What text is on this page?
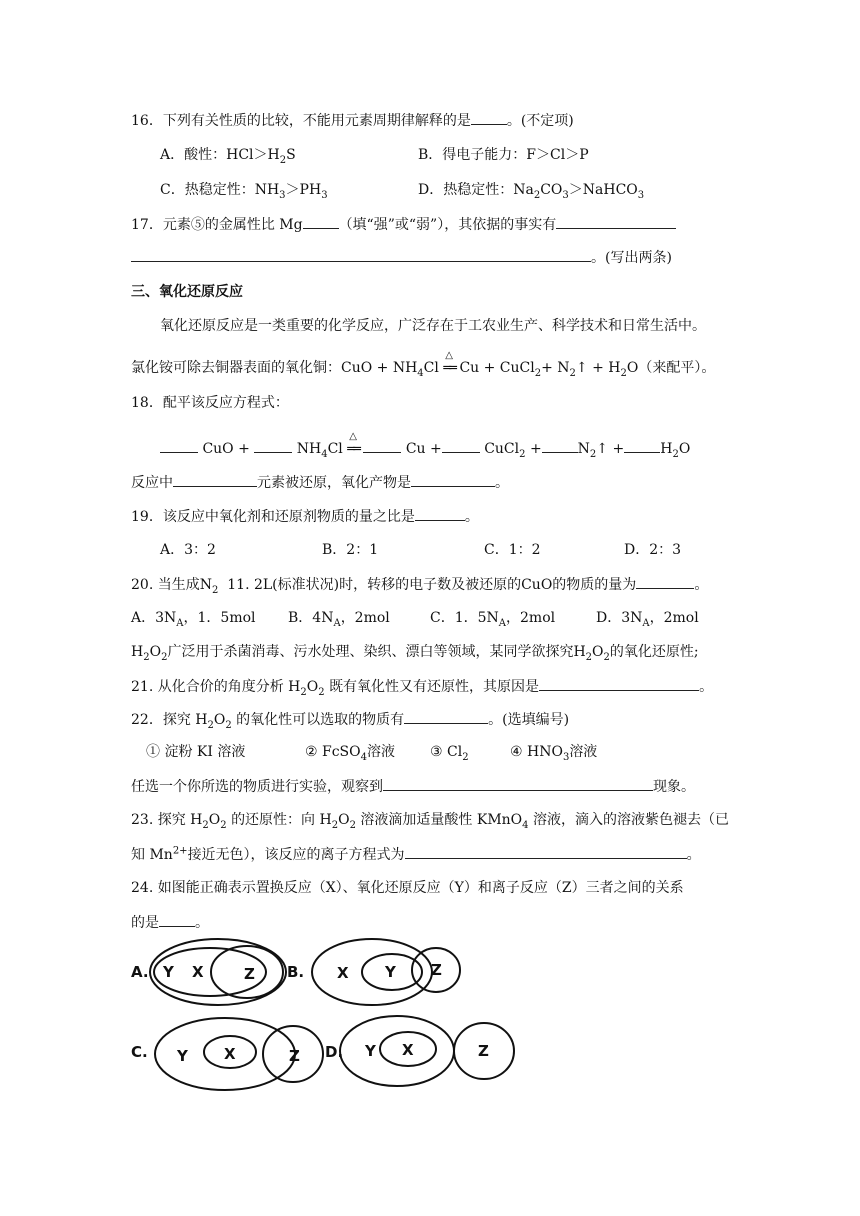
16．下列有关性质的比较，不能用元素周期律解释的是	。(不定项)
A．酸性：$HCl>H_2S$	B．得电子能力：F＞Cl＞P
C．热稳定性：$NH_3>PH_3$	D．热稳定性：$Na_2CO_3>NaHCO_3$
17．元素⑤的金属性比 Mg	（填“强”或“弱”），其依据的事实有
。(写出两条)
三、氧化还原反应
氧化还原反应是一类重要的化学反应，广泛存在于工农业生产、科学技术和日常生活中。
氯化铵可除去铜器表面的氧化铜：CuO + $NH_4Cl$
△
══ Cu + CuCl$_2$+ $N_2↑ + H_2O$（来配平）。
18．配平该反应方程式：
CuO +	$NH_4Cl$
△
══	Cu +	CuCl$_2$ +	$N_2↑$ +	$H_2O$
反应中	元素被还原，氧化产物是	。
19．该反应中氧化剂和还原剂物质的量之比是	。
A．3：2	B．2：1	C．1：2	D．2：3
20. 当生成$N_2$ 11. 2L(标准状况)时，转移的电子数及被还原的CuO的物质的量为	。
A．$3N_A$，1．5mol B．$4N_A$，2mol	C．1．$5N_A$，2mol	D．$3N_A$，2mol
$H_2O_2$广泛用于杀菌消毒、污水处理、染织、漂白等领域，某同学欲探究$H_2O_2$的氧化还原性;
21. 从化合价的角度分析 $H_2O_2$ 既有氧化性又有还原性，其原因是	。
22．探究 $H_2O_2$ 的氧化性可以选取的物质有	。(选填编号)
① 淀粉 KI 溶液	② FcSO$_4$溶液	③ $Cl_2$	④ $HNO_3$溶液
任选一个你所选的物质进行实验，观察到	现象。
23. 探究 $H_2O_2$ 的还原性：向 $H_2O_2$ 溶液滴加适量酸性 KMnO$_4$ 溶液，滴入的溶液紫色褪去（已
知 $Mn^{2+}$接近无色），该反应的离子方程式为	。
24. 如图能正确表示置换反应（X）、氧化还原反应（Y）和离子反应（Z）三者之间的关系
的是	。
A. Y X	Z B. X Y Z
C. Y X	Z D. Y X	Z
